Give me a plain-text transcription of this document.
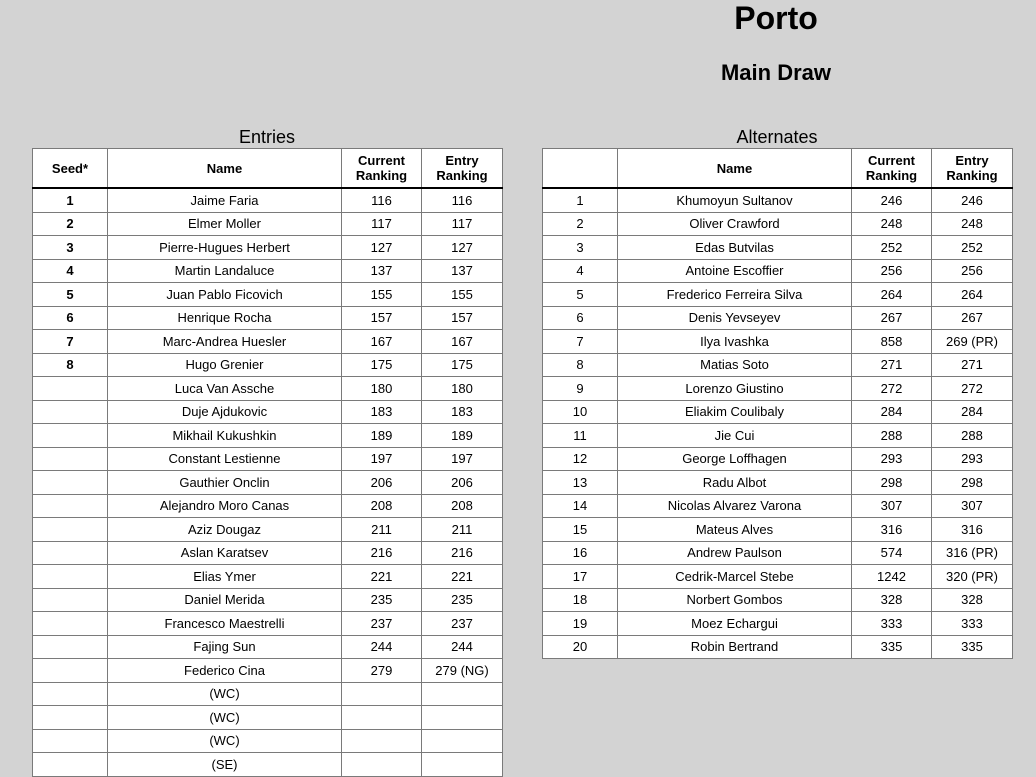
Porto
Main Draw
Entries
Seed*	Name	Current Ranking	Entry Ranking
1	Jaime Faria	116	116
2	Elmer Moller	117	117
3	Pierre-Hugues Herbert	127	127
4	Martin Landaluce	137	137
5	Juan Pablo Ficovich	155	155
6	Henrique Rocha	157	157
7	Marc-Andrea Huesler	167	167
8	Hugo Grenier	175	175
	Luca Van Assche	180	180
	Duje Ajdukovic	183	183
	Mikhail Kukushkin	189	189
	Constant Lestienne	197	197
	Gauthier Onclin	206	206
	Alejandro Moro Canas	208	208
	Aziz Dougaz	211	211
	Aslan Karatsev	216	216
	Elias Ymer	221	221
	Daniel Merida	235	235
	Francesco Maestrelli	237	237
	Fajing Sun	244	244
	Federico Cina	279	279 (NG)
	(WC)		
	(WC)		
	(WC)		
	(SE)		
Alternates
	Name	Current Ranking	Entry Ranking
1	Khumoyun Sultanov	246	246
2	Oliver Crawford	248	248
3	Edas Butvilas	252	252
4	Antoine Escoffier	256	256
5	Frederico Ferreira Silva	264	264
6	Denis Yevseyev	267	267
7	Ilya Ivashka	858	269 (PR)
8	Matias Soto	271	271
9	Lorenzo Giustino	272	272
10	Eliakim Coulibaly	284	284
11	Jie Cui	288	288
12	George Loffhagen	293	293
13	Radu Albot	298	298
14	Nicolas Alvarez Varona	307	307
15	Mateus Alves	316	316
16	Andrew Paulson	574	316 (PR)
17	Cedrik-Marcel Stebe	1242	320 (PR)
18	Norbert Gombos	328	328
19	Moez Echargui	333	333
20	Robin Bertrand	335	335
